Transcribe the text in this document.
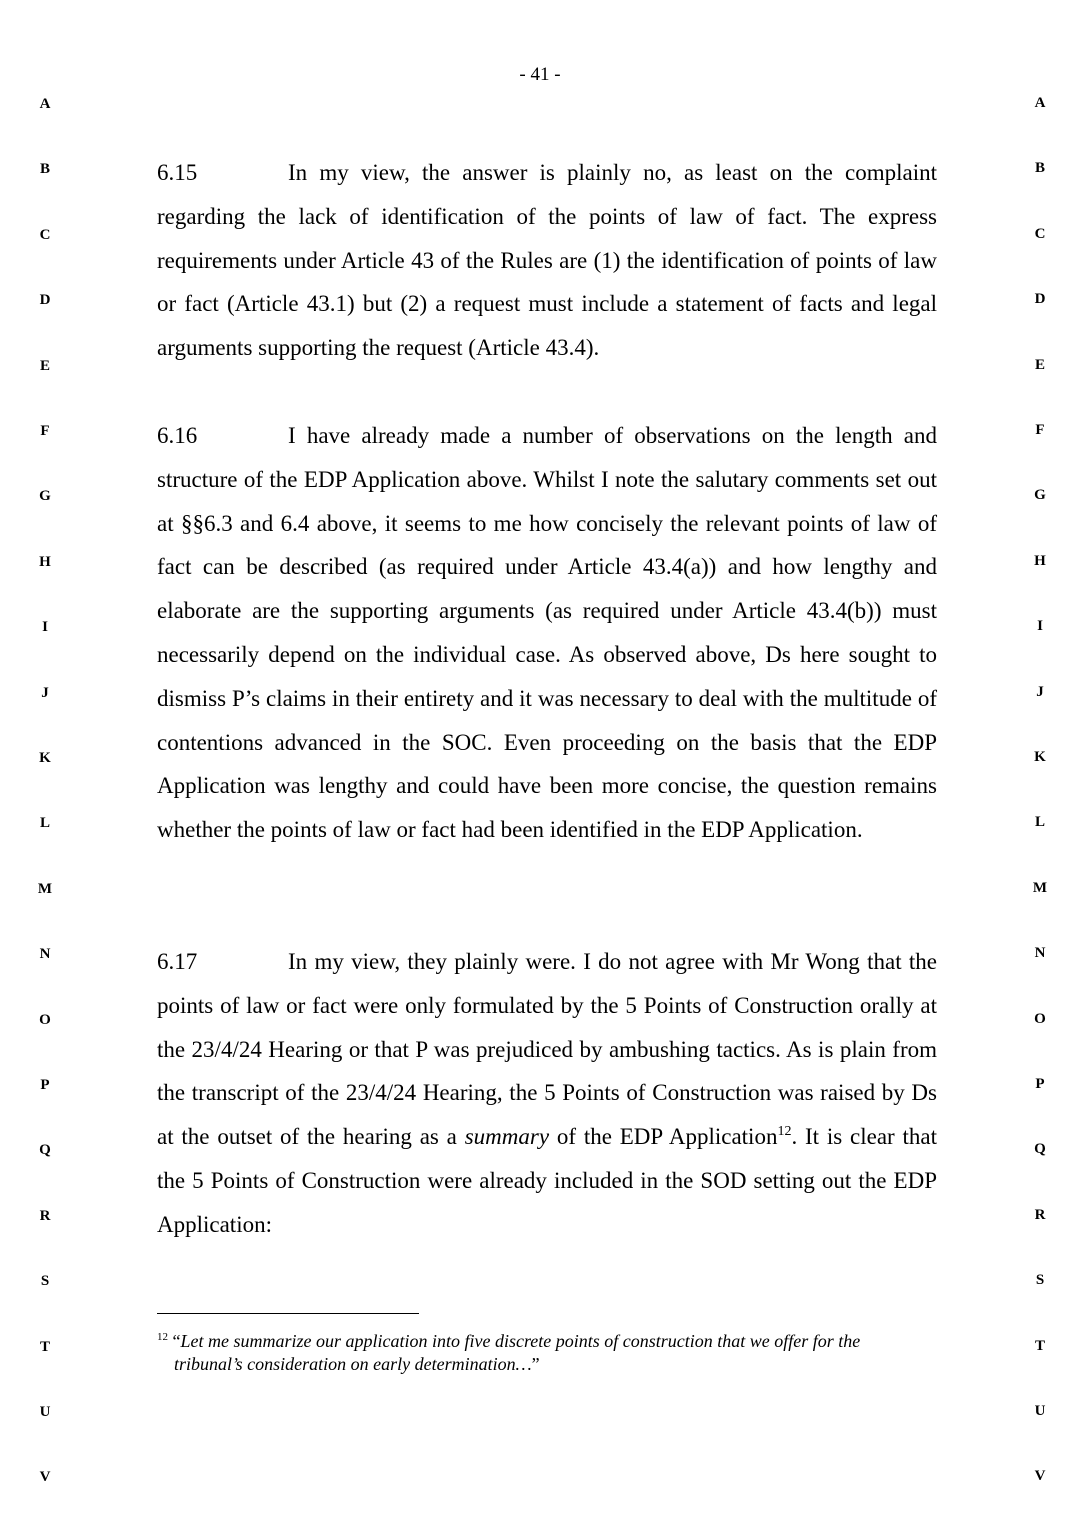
- 41 -
A	A
B	B
C	C
D	D
E	E
F	F
G	G
H	H
I	I
J	J
K	K
L	L
M	M
N	N
O	O
P	P
Q	Q
R	R
S	S
T	T
U	U
V	V
6.15	In my view, the answer is plainly no, as least on the complaint regarding the lack of identification of the points of law of fact. The express requirements under Article 43 of the Rules are (1) the identification of points of law or fact (Article 43.1) but (2) a request must include a statement of facts and legal arguments supporting the request (Article 43.4).
6.16	I have already made a number of observations on the length and structure of the EDP Application above. Whilst I note the salutary comments set out at §§6.3 and 6.4 above, it seems to me how concisely the relevant points of law of fact can be described (as required under Article 43.4(a)) and how lengthy and elaborate are the supporting arguments (as required under Article 43.4(b)) must necessarily depend on the individual case. As observed above, Ds here sought to dismiss P’s claims in their entirety and it was necessary to deal with the multitude of contentions advanced in the SOC. Even proceeding on the basis that the EDP Application was lengthy and could have been more concise, the question remains whether the points of law or fact had been identified in the EDP Application.
6.17	In my view, they plainly were. I do not agree with Mr Wong that the points of law or fact were only formulated by the 5 Points of Construction orally at the 23/4/24 Hearing or that P was prejudiced by ambushing tactics. As is plain from the transcript of the 23/4/24 Hearing, the 5 Points of Construction was raised by Ds at the outset of the hearing as a summary of the EDP Application$^{12}$. It is clear that the 5 Points of Construction were already included in the SOD setting out the EDP Application:
$^{12}$ “Let me summarize our application into five discrete points of construction that we offer for the
tribunal’s consideration on early determination…”
